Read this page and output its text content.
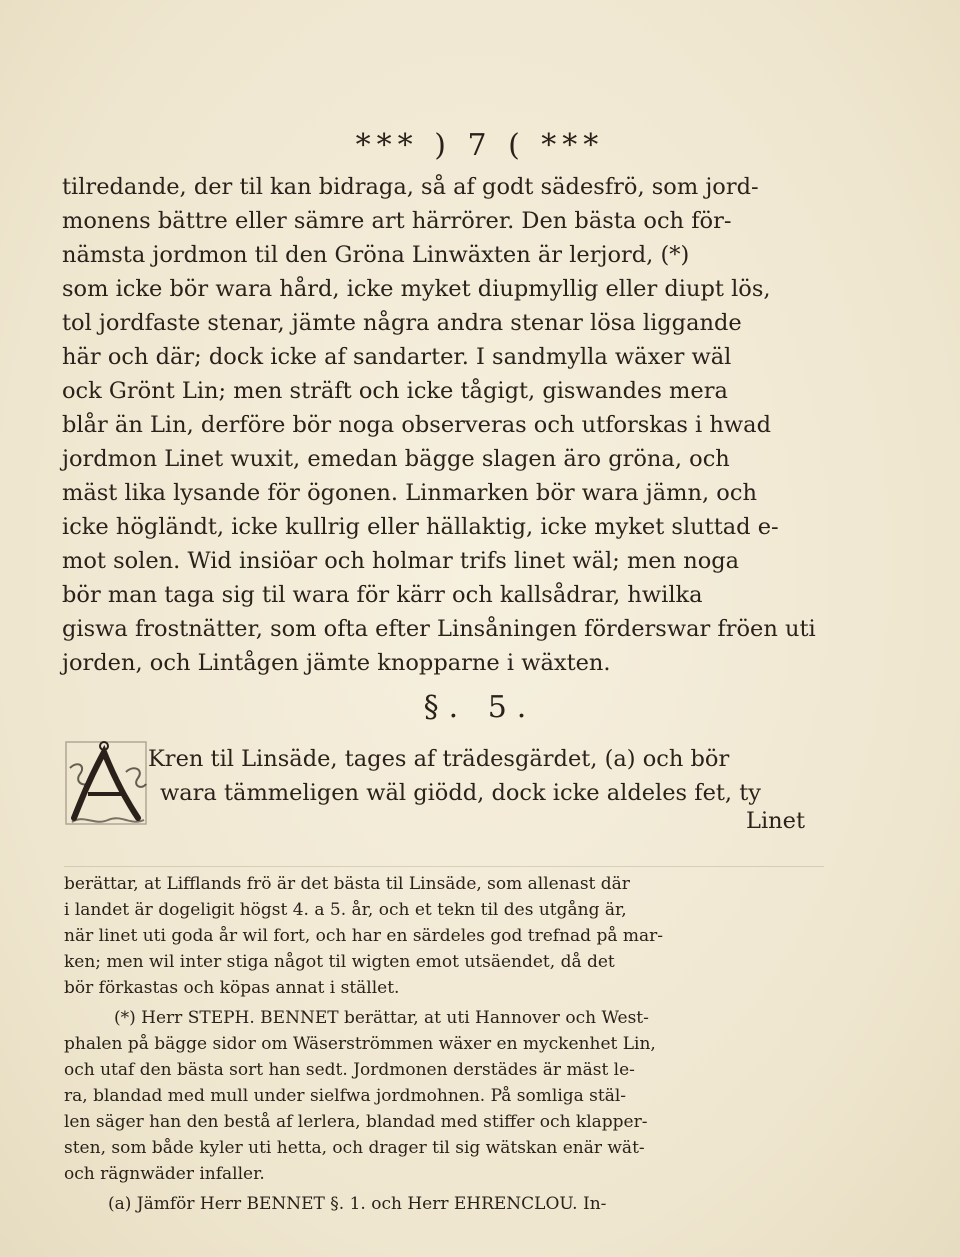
*** ) 7 ( ***
tilredande, der til kan bidraga, så af godt sädesfrö, som jord-
monens bättre eller sämre art härrörer. Den bästa och för-
nämsta jordmon til den Gröna Linwäxten är lerjord, (*)
som icke bör wara hård, icke myket diupmyllig eller diupt lös,
tol jordfaste stenar, jämte några andra stenar lösa liggande
här och där; dock icke af sandarter. I sandmylla wäxer wäl
ock Grönt Lin; men sträft och icke tågigt, giswandes mera
blår än Lin, derföre bör noga observeras och utforskas i hwad
jordmon Linet wuxit, emedan bägge slagen äro gröna, och
mäst lika lysande för ögonen. Linmarken bör wara jämn, och
icke högländt, icke kullrig eller hällaktig, icke myket sluttad e-
mot solen. Wid insiöar och holmar trifs linet wäl; men noga
bör man taga sig til wara för kärr och kallsådrar, hwilka
giswa frostnätter, som ofta efter Linsåningen förderswar fröen uti
jorden, och Lintågen jämte knopparne i wäxten.
§. 5.
Kren til Linsäde, tages af trädesgärdet, (a) och bör
wara tämmeligen wäl giödd, dock icke aldeles fet, ty
Linet
berättar, at Lifflands frö är det bästa til Linsäde, som allenast där
i landet är dogeligit högst 4. a 5. år, och et tekn til des utgång är,
när linet uti goda år wil fort, och har en särdeles god trefnad på mar-
ken; men wil inter stiga något til wigten emot utsäendet, då det
bör förkastas och köpas annat i stället.
(*) Herr STEPH. BENNET berättar, at uti Hannover och West-
phalen på bägge sidor om Wäserströmmen wäxer en myckenhet Lin,
och utaf den bästa sort han sedt. Jordmonen derstädes är mäst le-
ra, blandad med mull under sielfwa jordmohnen. På somliga stäl-
len säger han den bestå af lerlera, blandad med stiffer och klapper-
sten, som både kyler uti hetta, och drager til sig wätskan enär wät-
och rägnwäder infaller.
(a) Jämför Herr BENNET §. 1. och Herr EHRENCLOU. In-
